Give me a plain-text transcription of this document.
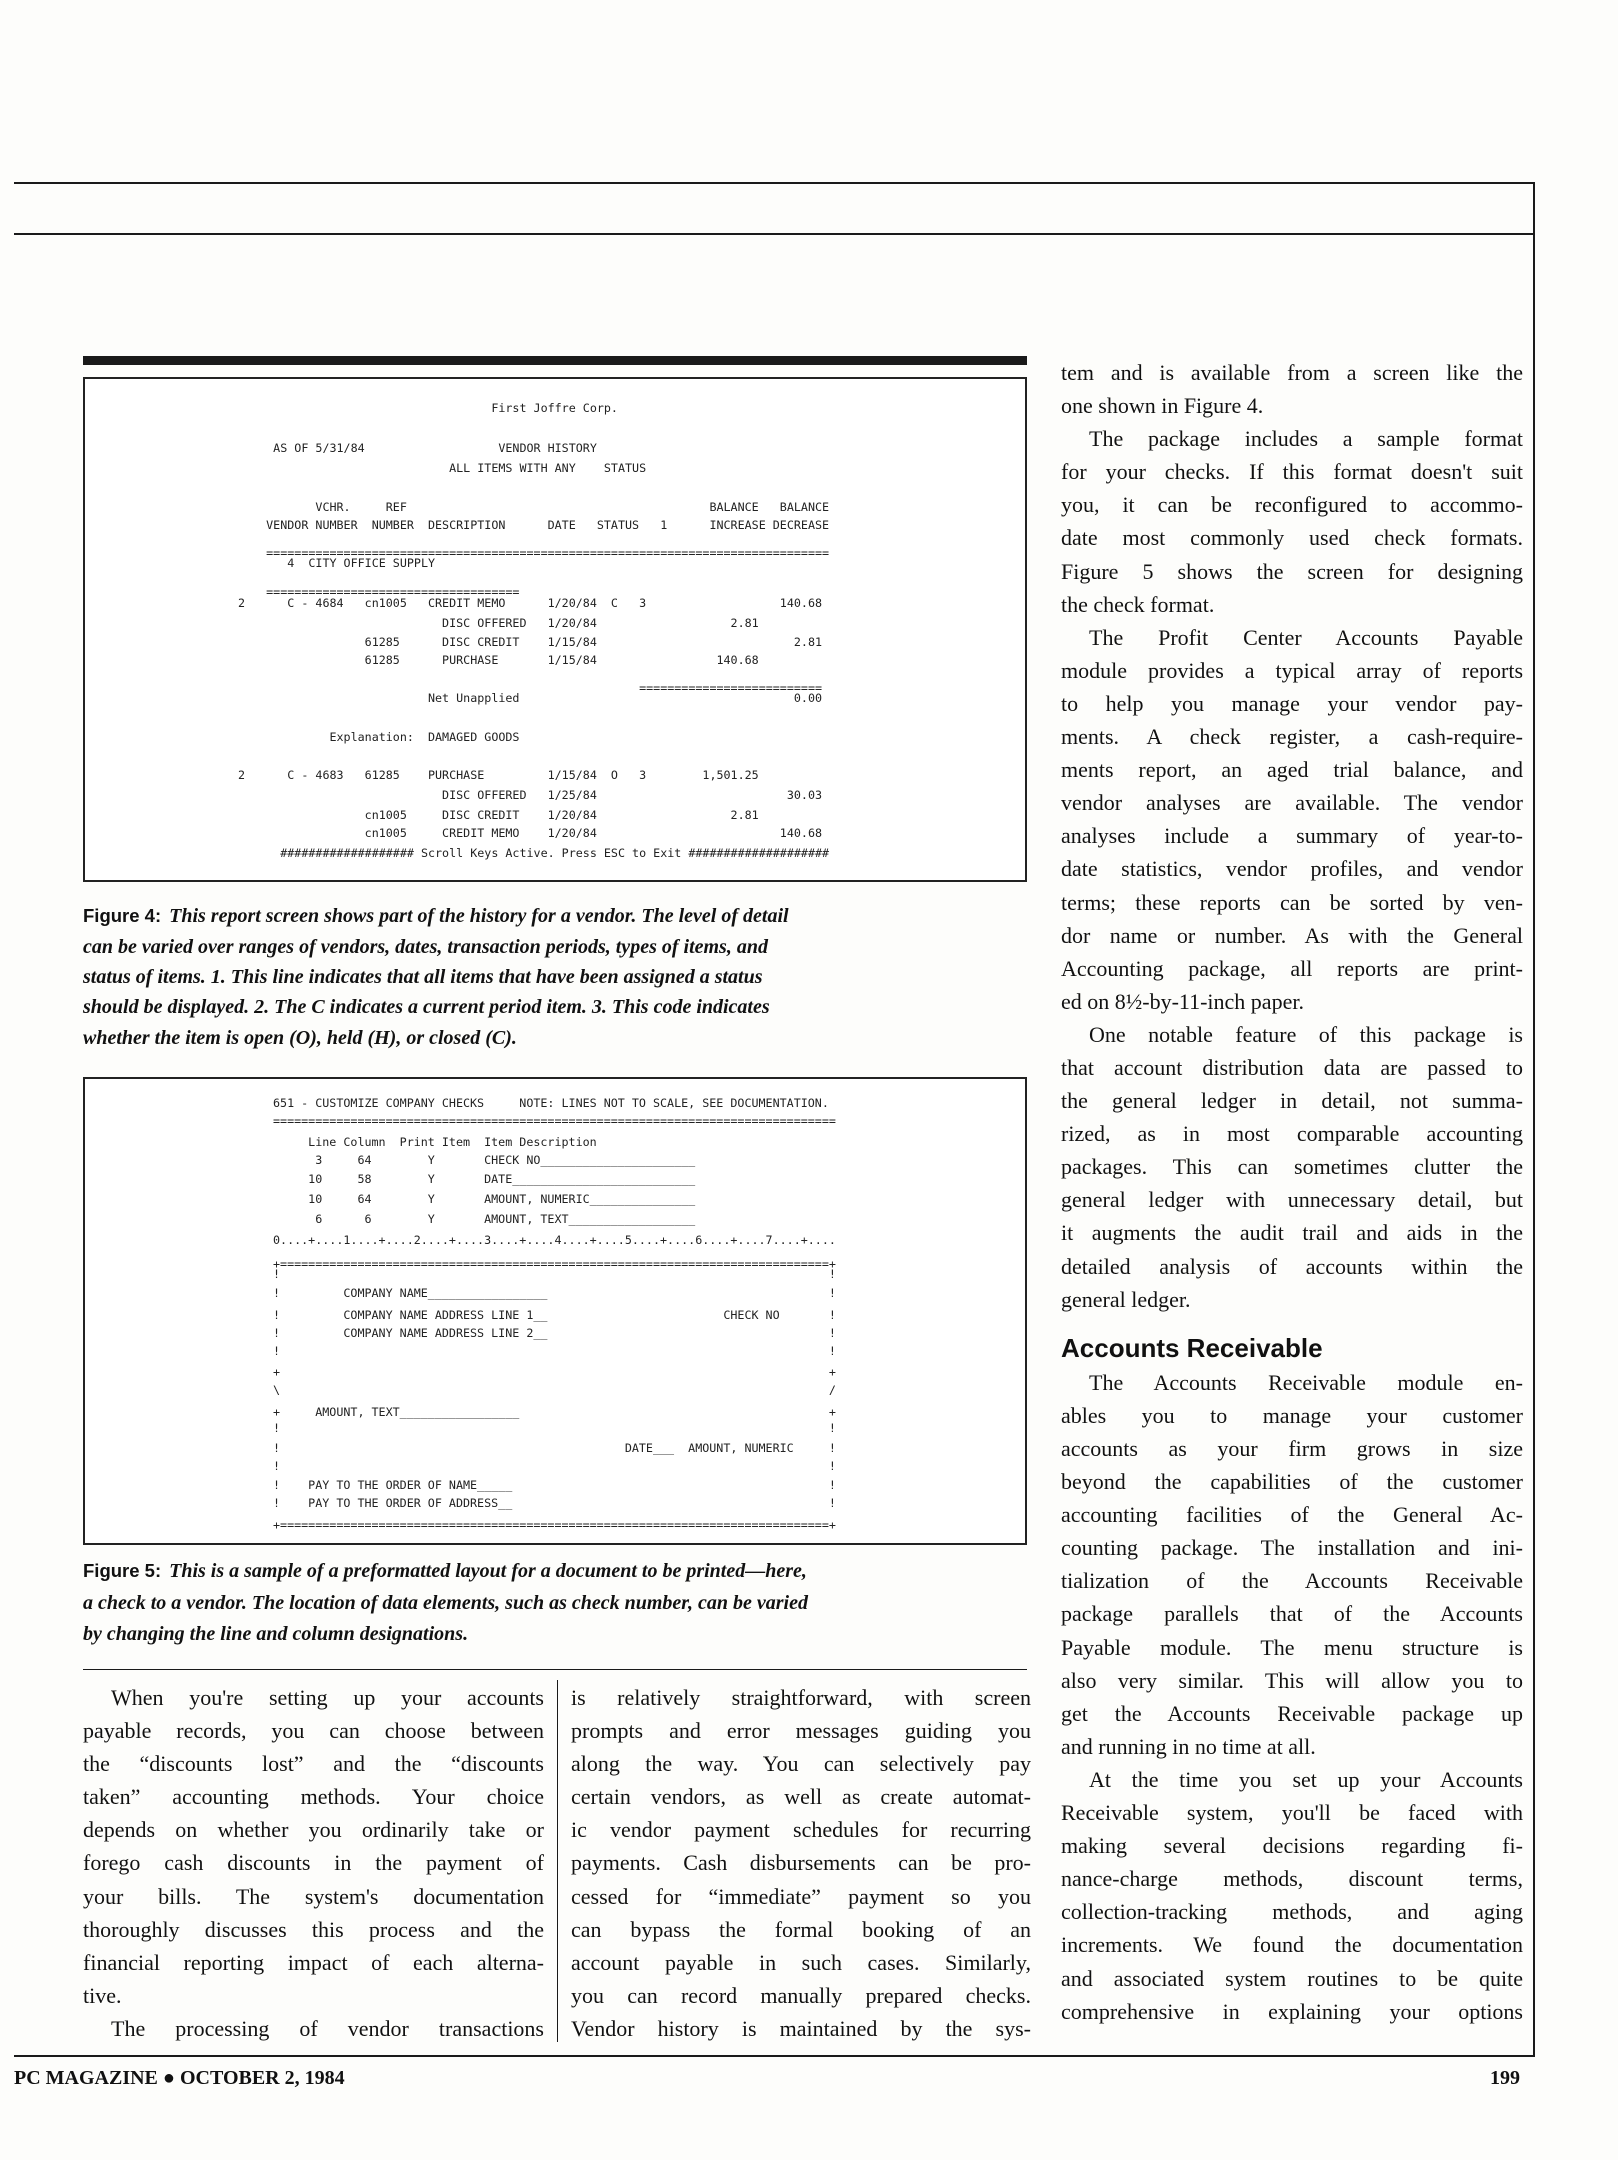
First Joffre Corp.
AS OF 5/31/84                   VENDOR HISTORY
ALL ITEMS WITH ANY    STATUS
VCHR.     REF                                           BALANCE   BALANCE
VENDOR NUMBER  NUMBER  DESCRIPTION      DATE   STATUS   1      INCREASE DECREASE
================================================================================
4  CITY OFFICE SUPPLY
====================================
2      C - 4684   cn1005   CREDIT MEMO      1/20/84  C   3                   140.68
DISC OFFERED   1/20/84                   2.81
61285      DISC CREDIT    1/15/84                            2.81
61285      PURCHASE       1/15/84                 140.68
==========================
Net Unapplied                                       0.00
Explanation:  DAMAGED GOODS
2      C - 4683   61285    PURCHASE         1/15/84  O   3        1,501.25
DISC OFFERED   1/25/84                           30.03
cn1005     DISC CREDIT    1/20/84                   2.81
cn1005     CREDIT MEMO    1/20/84                          140.68
################### Scroll Keys Active. Press ESC to Exit ####################
651 - CUSTOMIZE COMPANY CHECKS     NOTE: LINES NOT TO SCALE, SEE DOCUMENTATION.
================================================================================
Line Column  Print Item  Item Description
3     64        Y       CHECK NO______________________
10     58        Y       DATE__________________________
10     64        Y       AMOUNT, NUMERIC_______________
6      6        Y       AMOUNT, TEXT__________________
0....+....1....+....2....+....3....+....4....+....5....+....6....+....7....+....
+==============================================================================+
!                                                                              !
!         COMPANY NAME_________________                                        !
!         COMPANY NAME ADDRESS LINE 1__                         CHECK NO       !
!         COMPANY NAME ADDRESS LINE 2__                                        !
!                                                                              !
+                                                                              +
\                                                                              /
+     AMOUNT, TEXT_________________                                            +
!                                                                              !
!                                                 DATE___  AMOUNT, NUMERIC     !
!                                                                              !
!    PAY TO THE ORDER OF NAME_____                                             !
!    PAY TO THE ORDER OF ADDRESS__                                             !
+==============================================================================+
When you're setting up your accounts
payable records, you can choose between
the “discounts lost” and the “discounts
taken” accounting methods. Your choice
depends on whether you ordinarily take or
forego cash discounts in the payment of
your bills. The system's documentation
thoroughly discusses this process and the
financial reporting impact of each alterna-
tive.
The processing of vendor transactions
is relatively straightforward, with screen
prompts and error messages guiding you
along the way. You can selectively pay
certain vendors, as well as create automat-
ic vendor payment schedules for recurring
payments. Cash disbursements can be pro-
cessed for “immediate” payment so you
can bypass the formal booking of an
account payable in such cases. Similarly,
you can record manually prepared checks.
Vendor history is maintained by the sys-
tem and is available from a screen like the
one shown in Figure 4.
The package includes a sample format
for your checks. If this format doesn't suit
you, it can be reconfigured to accommo-
date most commonly used check formats.
Figure 5 shows the screen for designing
the check format.
The Profit Center Accounts Payable
module provides a typical array of reports
to help you manage your vendor pay-
ments. A check register, a cash-require-
ments report, an aged trial balance, and
vendor analyses are available. The vendor
analyses include a summary of year-to-
date statistics, vendor profiles, and vendor
terms; these reports can be sorted by ven-
dor name or number. As with the General
Accounting package, all reports are print-
ed on 8½-by-11-inch paper.
One notable feature of this package is
that account distribution data are passed to
the general ledger in detail, not summa-
rized, as in most comparable accounting
packages. This can sometimes clutter the
general ledger with unnecessary detail, but
it augments the audit trail and aids in the
detailed analysis of accounts within the
general ledger.
Accounts Receivable
The Accounts Receivable module en-
ables you to manage your customer
accounts as your firm grows in size
beyond the capabilities of the customer
accounting facilities of the General Ac-
counting package. The installation and ini-
tialization of the Accounts Receivable
package parallels that of the Accounts
Payable module. The menu structure is
also very similar. This will allow you to
get the Accounts Receivable package up
and running in no time at all.
At the time you set up your Accounts
Receivable system, you'll be faced with
making several decisions regarding fi-
nance-charge methods, discount terms,
collection-tracking methods, and aging
increments. We found the documentation
and associated system routines to be quite
comprehensive in explaining your options
PC MAGAZINE ● OCTOBER 2, 1984	199
Figure 4: This report screen shows part of the history for a vendor. The level of detail
can be varied over ranges of vendors, dates, transaction periods, types of items, and
status of items. 1. This line indicates that all items that have been assigned a status
should be displayed. 2. The C indicates a current period item. 3. This code indicates
whether the item is open (O), held (H), or closed (C).
Figure 5: This is a sample of a preformatted layout for a document to be printed—here,
a check to a vendor. The location of data elements, such as check number, can be varied
by changing the line and column designations.
